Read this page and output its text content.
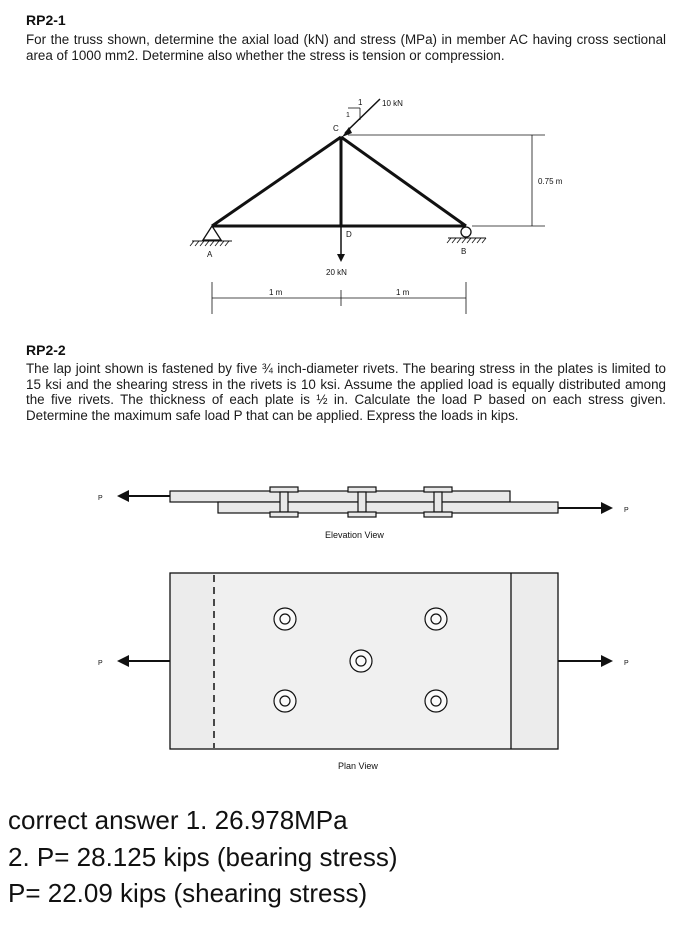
RP2-1
For the truss shown, determine the axial load (kN) and stress (MPa) in member AC having cross sectional area of 1000 mm2. Determine also whether the stress is tension or compression.
A	B
C
D
10 kN
1
1
20 kN
0.75 m
1 m	1 m
RP2-2
The lap joint shown is fastened by five ¾ inch-diameter rivets. The bearing stress in the plates is limited to 15 ksi and the shearing stress in the rivets is 10 ksi. Assume the applied load is equally distributed among the five rivets. The thickness of each plate is ½ in. Calculate the load P based on each stress given. Determine the maximum safe load P that can be applied. Express the loads in kips.
P
P
Elevation View
P	P
Plan View
correct answer 1. 26.978MPa
2. P= 28.125 kips (bearing stress)
P= 22.09 kips (shearing stress)
